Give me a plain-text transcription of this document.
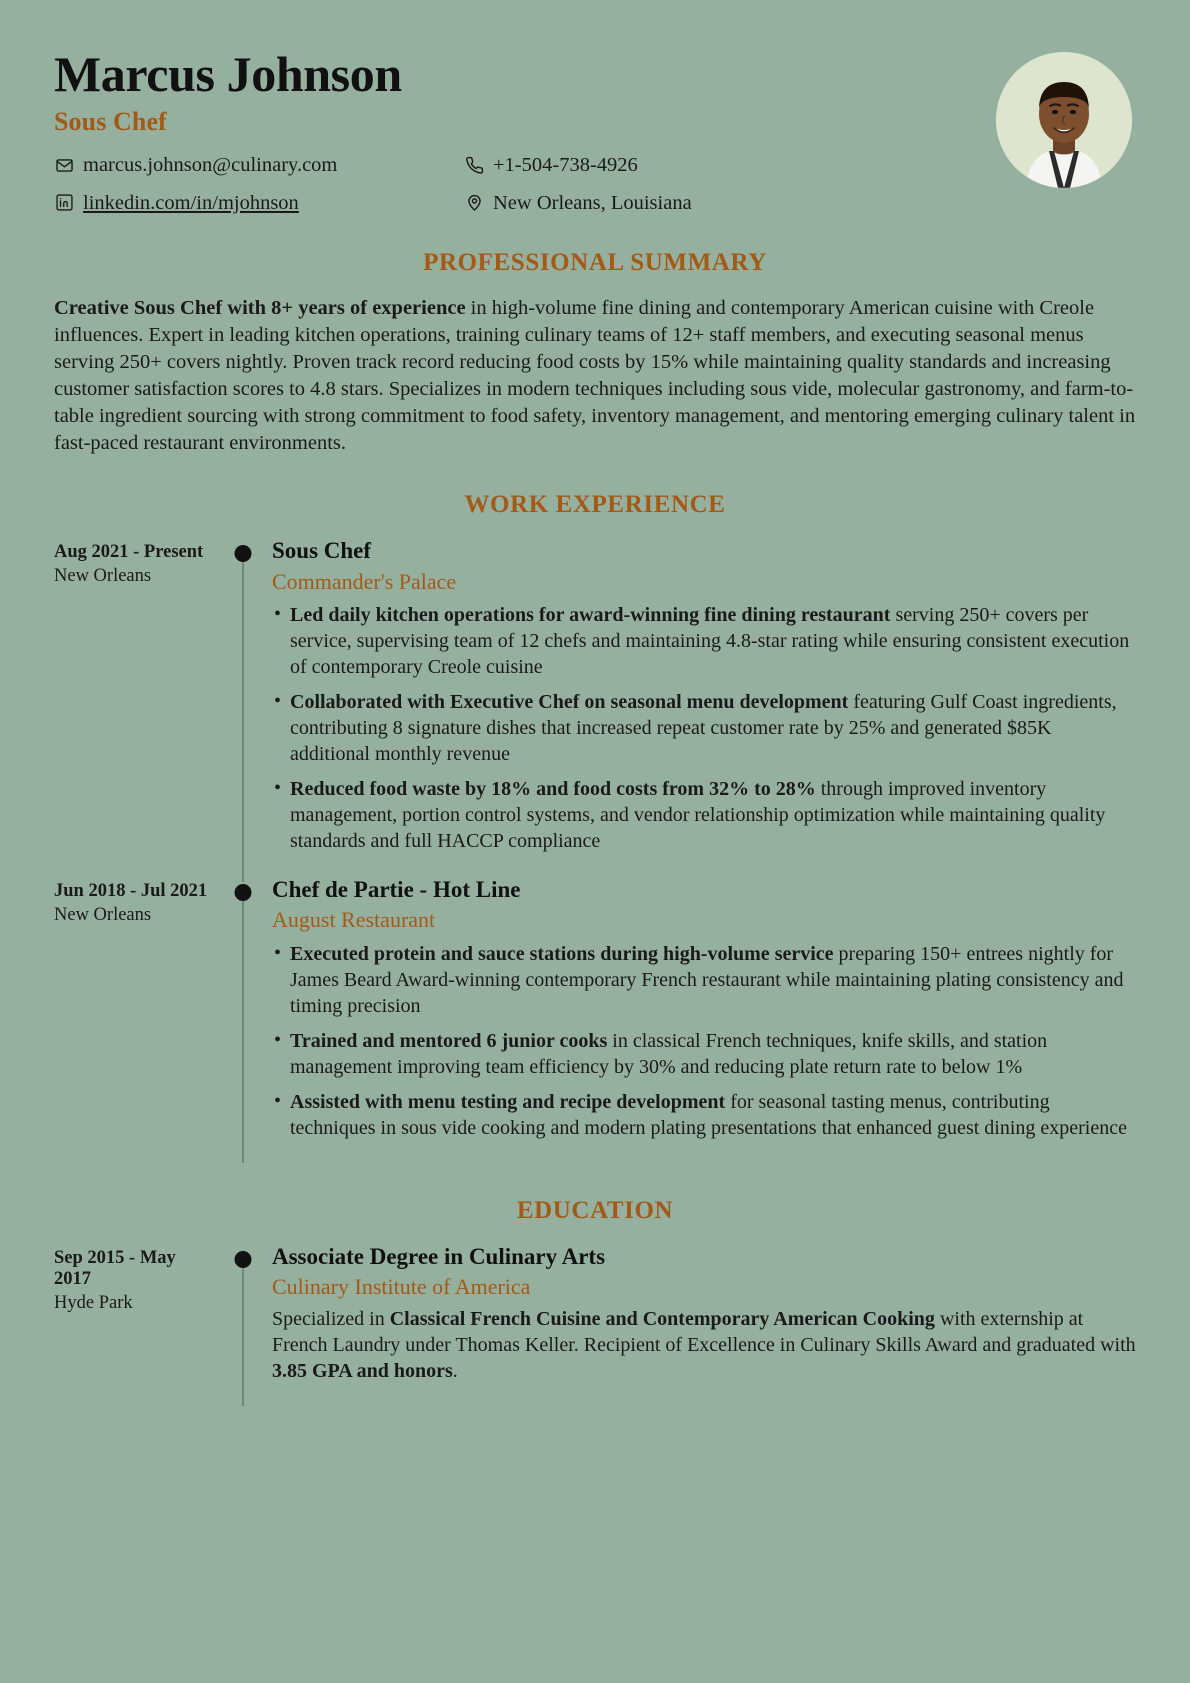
Marcus Johnson
Sous Chef
marcus.johnson@culinary.com	+1-504-738-4926
linkedin.com/in/mjohnson	New Orleans, Louisiana
PROFESSIONAL SUMMARY

Creative Sous Chef with 8+ years of experience in high-volume fine dining and contemporary American cuisine with Creole influences. Expert in leading kitchen operations, training culinary teams of 12+ staff members, and executing seasonal menus serving 250+ covers nightly. Proven track record reducing food costs by 15% while maintaining quality standards and increasing customer satisfaction scores to 4.8 stars. Specializes in modern techniques including sous vide, molecular gastronomy, and farm-to-table ingredient sourcing with strong commitment to food safety, inventory management, and mentoring emerging culinary talent in fast-paced restaurant environments.

WORK EXPERIENCE
Aug 2021 - Present
New Orleans
Sous Chef
Commander's Palace
• Led daily kitchen operations for award-winning fine dining restaurant serving 250+ covers per service, supervising team of 12 chefs and maintaining 4.8-star rating while ensuring consistent execution of contemporary Creole cuisine
• Collaborated with Executive Chef on seasonal menu development featuring Gulf Coast ingredients, contributing 8 signature dishes that increased repeat customer rate by 25% and generated $85K additional monthly revenue
• Reduced food waste by 18% and food costs from 32% to 28% through improved inventory management, portion control systems, and vendor relationship optimization while maintaining quality standards and full HACCP compliance
Jun 2018 - Jul 2021
New Orleans
Chef de Partie - Hot Line
August Restaurant
• Executed protein and sauce stations during high-volume service preparing 150+ entrees nightly for James Beard Award-winning contemporary French restaurant while maintaining plating consistency and timing precision
• Trained and mentored 6 junior cooks in classical French techniques, knife skills, and station management improving team efficiency by 30% and reducing plate return rate to below 1%
• Assisted with menu testing and recipe development for seasonal tasting menus, contributing techniques in sous vide cooking and modern plating presentations that enhanced guest dining experience
EDUCATION
Sep 2015 - May 2017
Hyde Park
Associate Degree in Culinary Arts
Culinary Institute of America
Specialized in Classical French Cuisine and Contemporary American Cooking with externship at French Laundry under Thomas Keller. Recipient of Excellence in Culinary Skills Award and graduated with 3.85 GPA and honors.
